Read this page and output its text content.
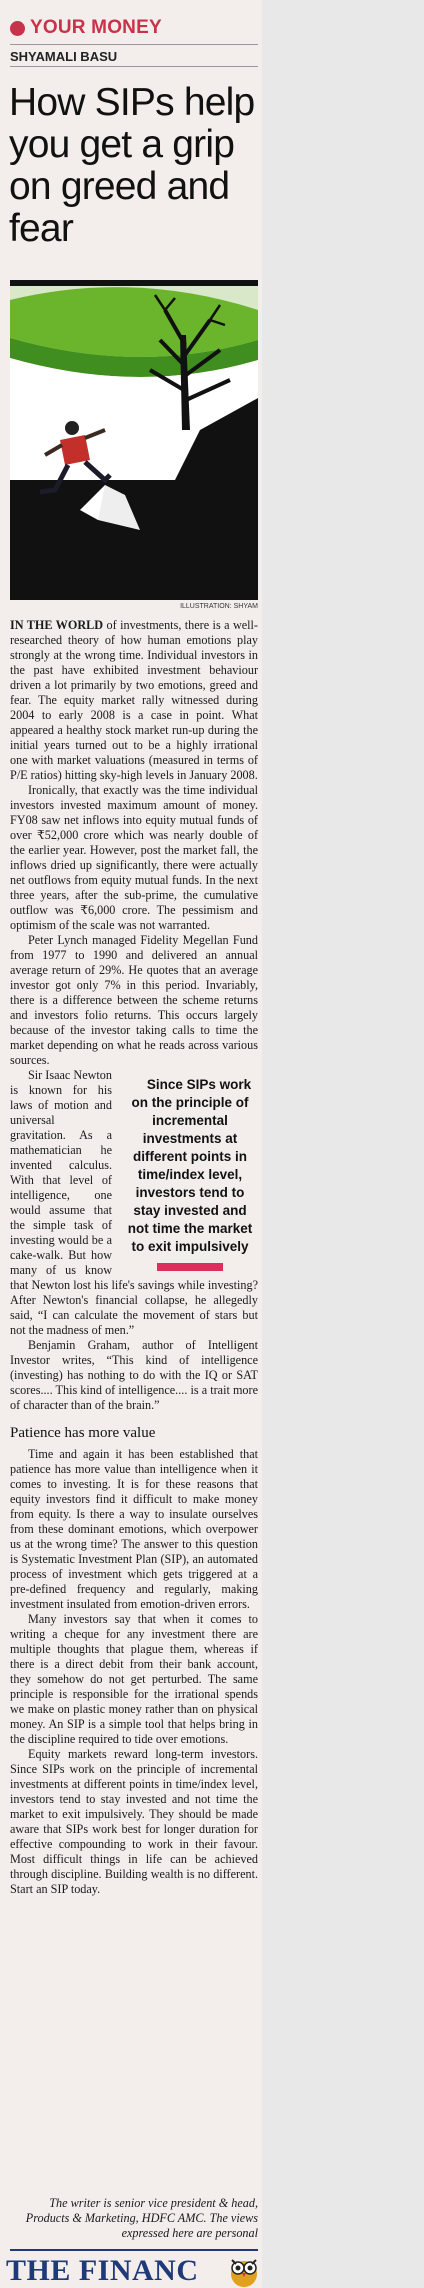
YOUR MONEY
SHYAMALI BASU
How SIPs help you get a grip on greed and fear
ILLUSTRATION: SHYAM

IN THE WORLD of investments, there is a well-researched theory of how human emotions play strongly at the wrong time. Individual investors in the past have exhibited investment behaviour driven a lot primarily by two emotions, greed and fear. The equity market rally witnessed during 2004 to early 2008 is a case in point. What appeared a healthy stock market run-up during the initial years turned out to be a highly irrational one with market valuations (measured in terms of P/E ratios) hitting sky-high levels in January 2008.

Ironically, that exactly was the time individual investors invested maximum amount of money. FY08 saw net inflows into equity mutual funds of over ₹52,000 crore which was nearly double of the earlier year. However, post the market fall, the inflows dried up significantly, there were actually net outflows from equity mutual funds. In the next three years, after the sub-prime, the cumulative outflow was ₹6,000 crore. The pessimism and optimism of the scale was not warranted.

Peter Lynch managed Fidelity Megellan Fund from 1977 to 1990 and delivered an annual average return of 29%. He quotes that an average investor got only 7% in this period. Invariably, there is a difference between the scheme returns and investors folio returns. This occurs largely because of the investor taking calls to time the market depending on what he reads across various sources.

Since SIPs work on the principle of incremental investments at different points in time/index level, investors tend to stay invested and not time the market to exit impulsively
Sir Isaac Newton is known for his laws of motion and universal gravitation. As a mathematician he invented calculus. With that level of intelligence, one would assume that the simple task of investing would be a cake-walk. But how many of us know that Newton lost his life's savings while investing? After Newton's financial collapse, he allegedly said, “I can calculate the movement of stars but not the madness of men.”

Benjamin Graham, author of Intelligent Investor writes, “This kind of intelligence (investing) has nothing to do with the IQ or SAT scores.... This kind of intelligence.... is a trait more of character than of the brain.”

Patience has more value

Time and again it has been established that patience has more value than intelligence when it comes to investing. It is for these reasons that equity investors find it difficult to make money from equity. Is there a way to insulate ourselves from these dominant emotions, which overpower us at the wrong time? The answer to this question is Systematic Investment Plan (SIP), an automated process of investment which gets triggered at a pre-defined frequency and regularly, making investment insulated from emotion-driven errors.

Many investors say that when it comes to writing a cheque for any investment there are multiple thoughts that plague them, whereas if there is a direct debit from their bank account, they somehow do not get perturbed. The same principle is responsible for the irrational spends we make on plastic money rather than on physical money. An SIP is a simple tool that helps bring in the discipline required to tide over emotions.

Equity markets reward long-term investors. Since SIPs work on the principle of incremental investments at different points in time/index level, investors tend to stay invested and not time the market to exit impulsively. They should be made aware that SIPs work best for longer duration for effective compounding to work in their favour. Most difficult things in life can be achieved through discipline. Building wealth is no different. Start an SIP today.

The writer is senior vice president & head, Products & Marketing, HDFC AMC. The views expressed here are personal
THE FINANC
